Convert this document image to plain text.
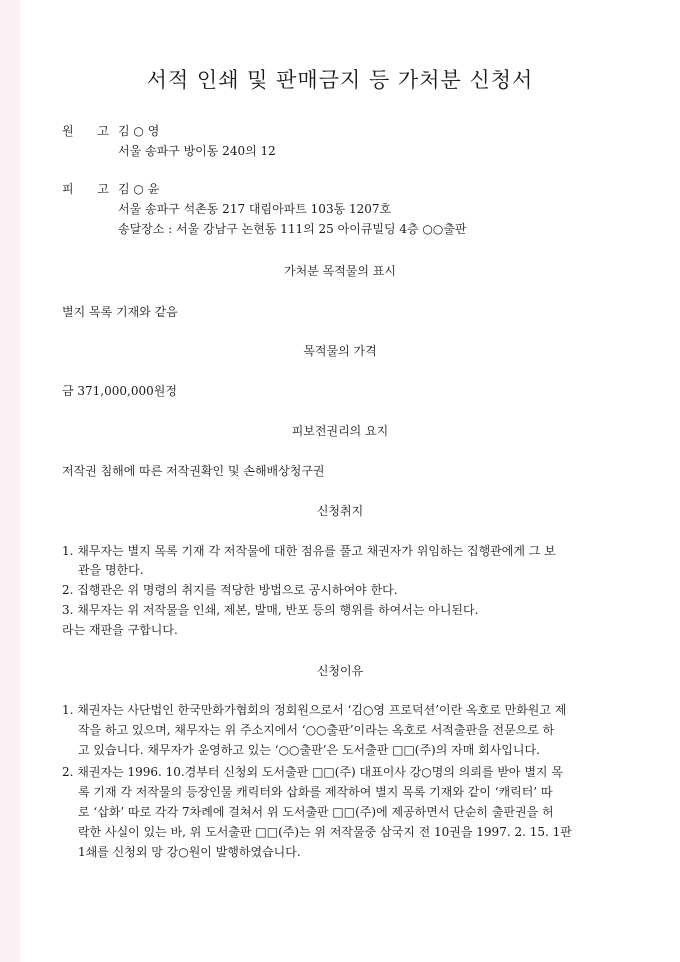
서적 인쇄 및 판매금지 등 가처분 신청서
원 고 김 ○ 영
서울 송파구 방이동 240의 12
피 고 김 ○ 윤
서울 송파구 석촌동 217 대림아파트 103동 1207호
송달장소 : 서울 강남구 논현동 111의 25 아이큐빌딩 4층 ○○출판
가처분 목적물의 표시
별지 목록 기재와 같음
목적물의 가격
금 371,000,000원정
피보전권리의 요지
저작권 침해에 따른 저작권확인 및 손해배상청구권
신청취지
1. 채무자는 별지 목록 기재 각 저작물에 대한 점유를 풀고 채권자가 위임하는 집행관에게 그 보
관을 명한다.
2. 집행관은 위 명령의 취지를 적당한 방법으로 공시하여야 한다.
3. 채무자는 위 저작물을 인쇄, 제본, 발매, 반포 등의 행위를 하여서는 아니된다.
라는 재판을 구합니다.
신청이유
1. 채권자는 사단법인 한국만화가협회의 정회원으로서 ‘김○영 프로덕션’이란 옥호로 만화원고 제
작을 하고 있으며, 채무자는 위 주소지에서 ‘○○출판’이라는 옥호로 서적출판을 전문으로 하
고 있습니다. 채무자가 운영하고 있는 ‘○○출판’은 도서출판 □□(주)의 자매 회사입니다.
2. 채권자는 1996. 10.경부터 신청외 도서출판 □□(주) 대표이사 강○명의 의뢰를 받아 별지 목
록 기재 각 저작물의 등장인물 캐릭터와 삽화를 제작하여 별지 목록 기재와 같이 ‘캐릭터’ 따
로 ‘삽화’ 따로 각각 7차례에 걸쳐서 위 도서출판 □□(주)에 제공하면서 단순히 출판권을 허
락한 사실이 있는 바, 위 도서출판 □□(주)는 위 저작물중 삼국지 전 10권을 1997. 2. 15. 1판
1쇄를 신청외 망 강○원이 발행하였습니다.
